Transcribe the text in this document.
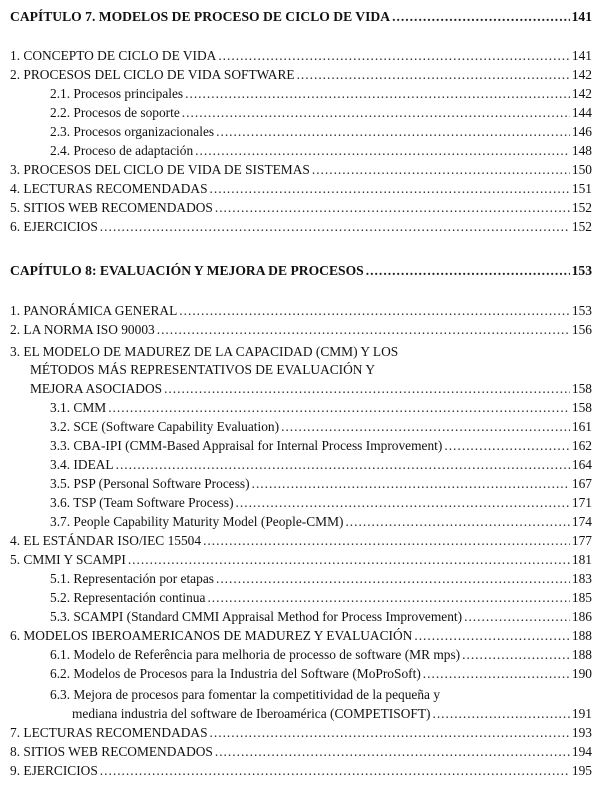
CAPÍTULO 7. MODELOS DE PROCESO DE CICLO DE VIDA .....	141
1. CONCEPTO DE CICLO DE VIDA .....	141
2. PROCESOS DEL CICLO DE VIDA SOFTWARE .....	142
2.1. Procesos principales .....	142
2.2. Procesos de soporte .....	144
2.3. Procesos organizacionales .....	146
2.4. Proceso de adaptación .....	148
3. PROCESOS DEL CICLO DE VIDA DE SISTEMAS .....	150
4. LECTURAS RECOMENDADAS .....	151
5. SITIOS WEB RECOMENDADOS .....	152
6. EJERCICIOS .....	152
CAPÍTULO 8: EVALUACIÓN Y MEJORA DE PROCESOS .....	153
1. PANORÁMICA GENERAL .....	153
2. LA NORMA ISO 90003 .....	156
3. EL MODELO DE MADUREZ DE LA CAPACIDAD (CMM) Y LOS
MÉTODOS MÁS REPRESENTATIVOS DE EVALUACIÓN Y
MEJORA ASOCIADOS .....	158
3.1. CMM .....	158
3.2. SCE (Software Capability Evaluation) .....	161
3.3. CBA-IPI (CMM-Based Appraisal for Internal Process Improvement) .....	162
3.4. IDEAL .....	164
3.5. PSP (Personal Software Process) .....	167
3.6. TSP (Team Software Process) .....	171
3.7. People Capability Maturity Model (People-CMM) .....	174
4. EL ESTÁNDAR ISO/IEC 15504 .....	177
5. CMMI Y SCAMPI .....	181
5.1. Representación por etapas .....	183
5.2. Representación continua .....	185
5.3. SCAMPI (Standard CMMI Appraisal Method for Process Improvement) .....	186
6. MODELOS IBEROAMERICANOS DE MADUREZ Y EVALUACIÓN .....	188
6.1. Modelo de Referência para melhoria de processo de software (MR mps) .....	188
6.2. Modelos de Procesos para la Industria del Software (MoProSoft) .....	190
6.3. Mejora de procesos para fomentar la competitividad de la pequeña y
mediana industria del software de Iberoamérica (COMPETISOFT) .....	191
7. LECTURAS RECOMENDADAS .....	193
8. SITIOS WEB RECOMENDADOS .....	194
9. EJERCICIOS .....	195
